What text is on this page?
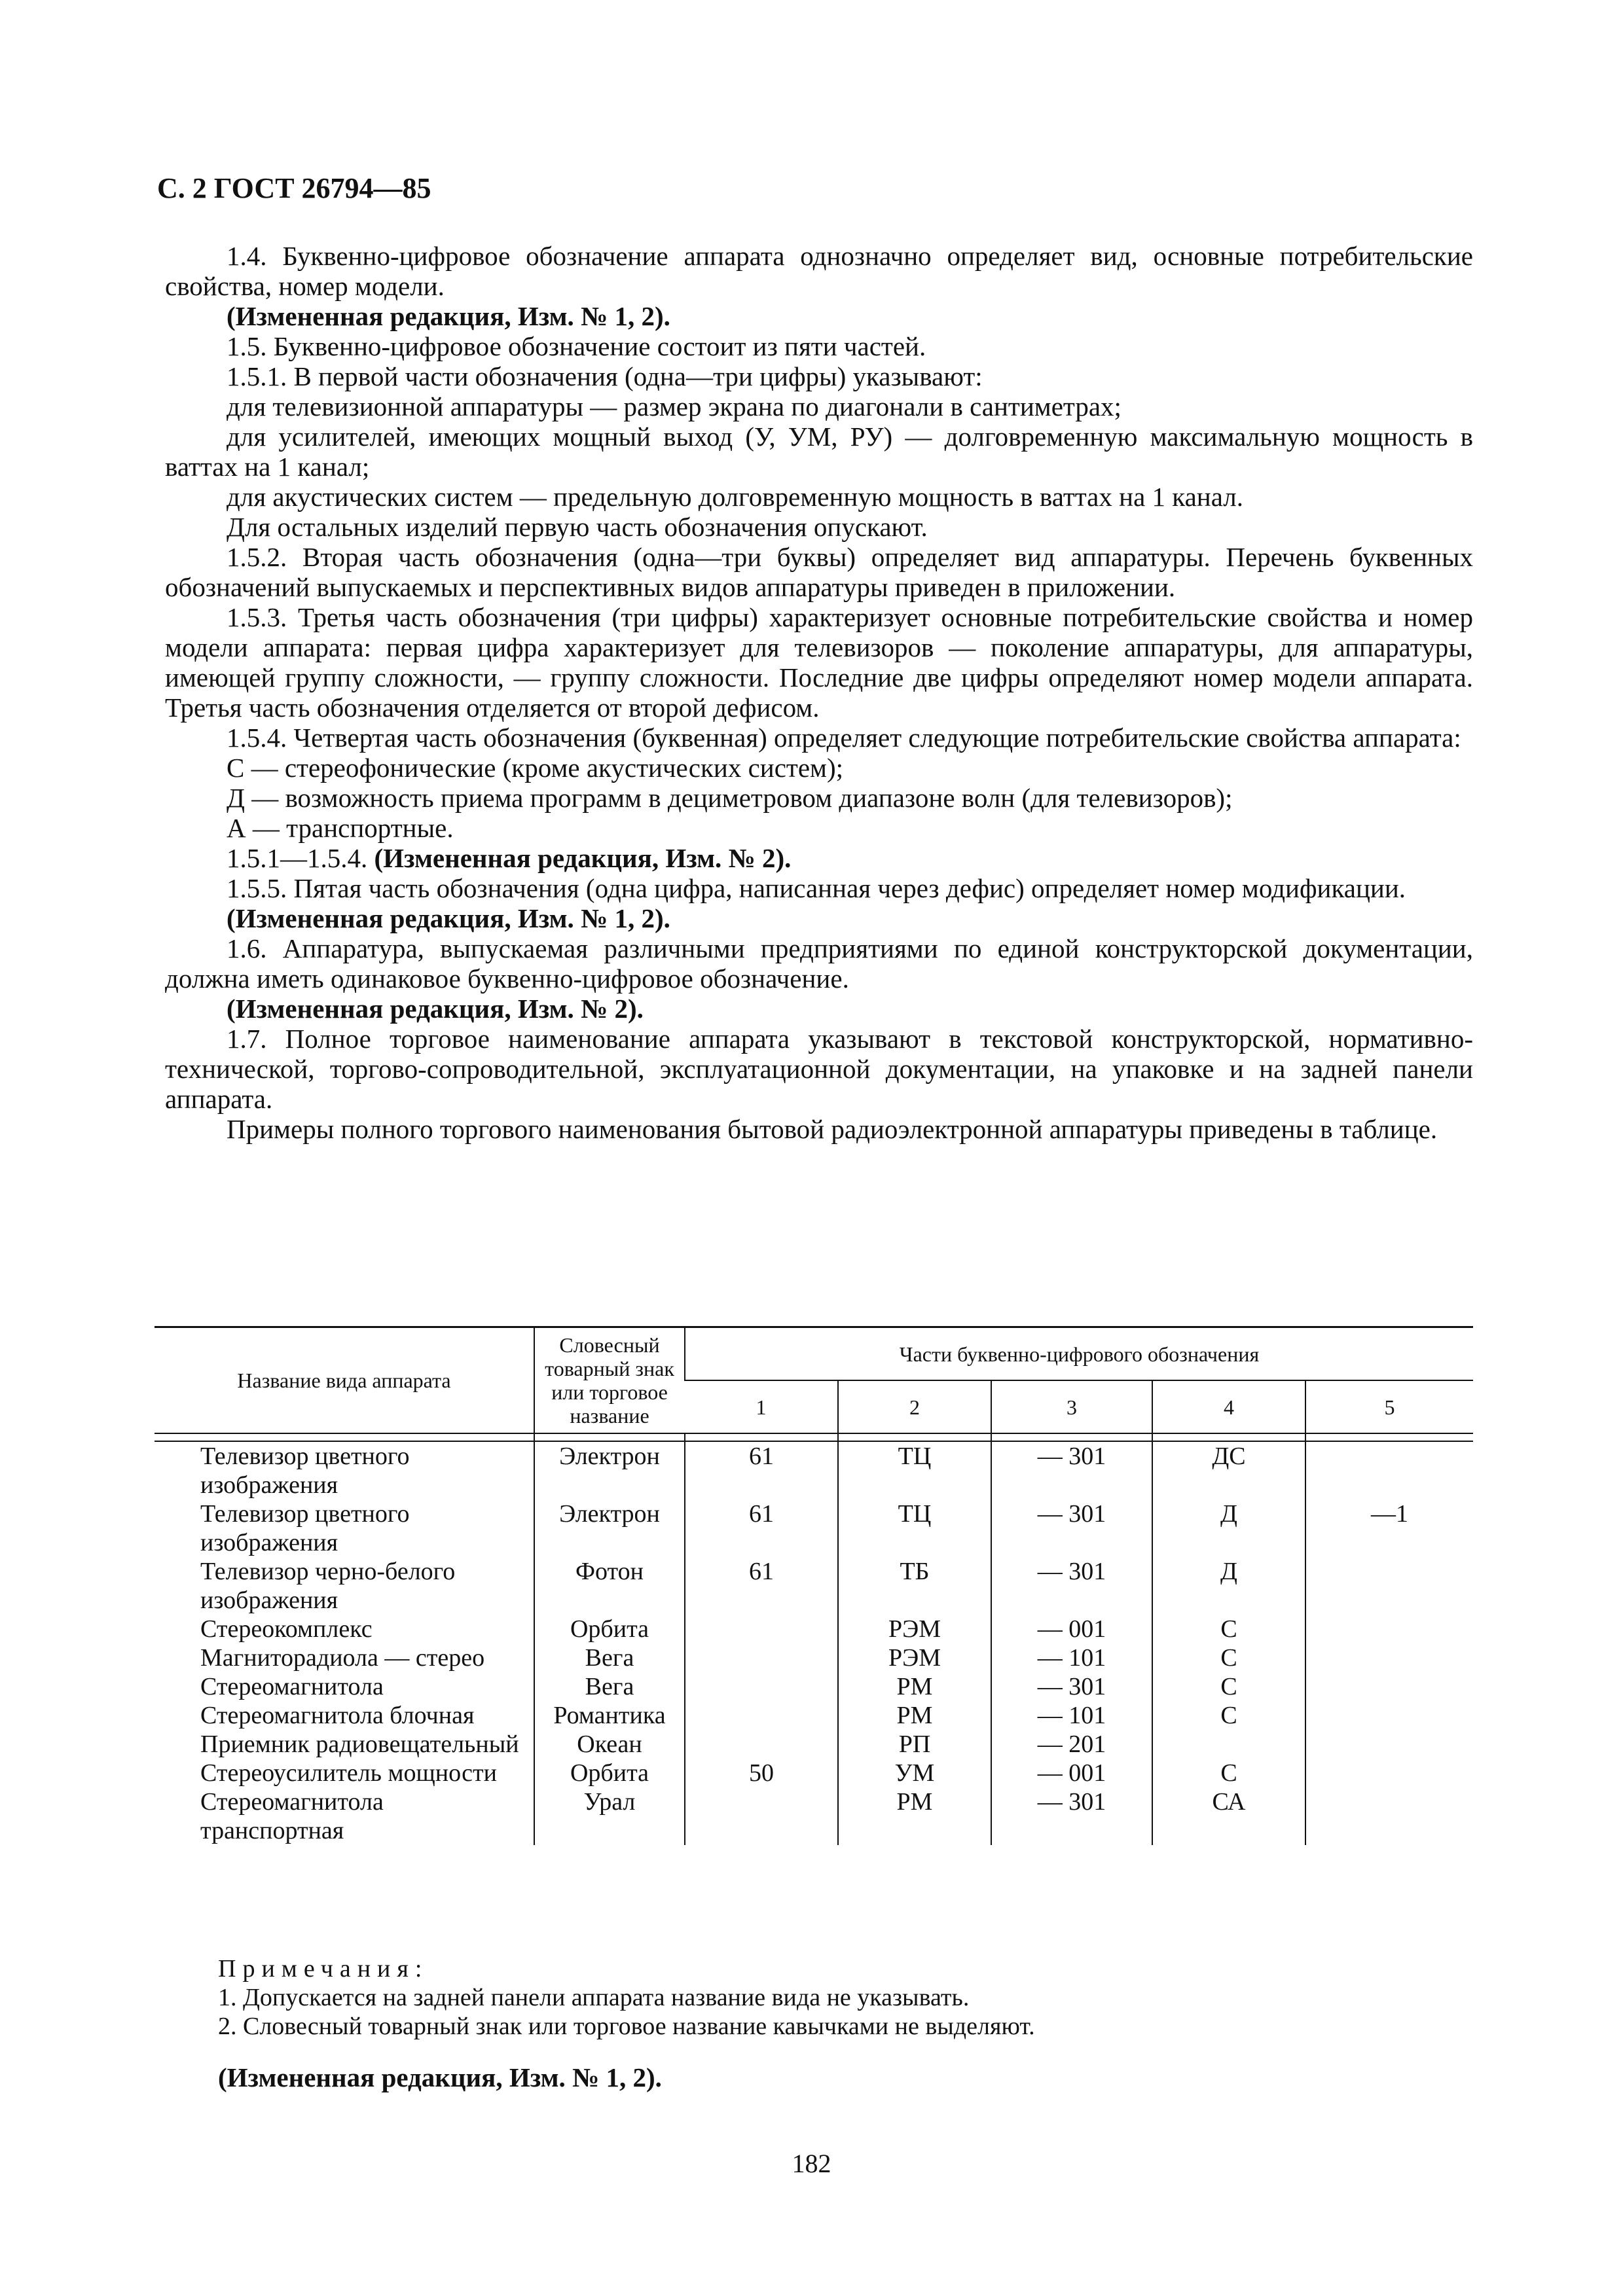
С. 2 ГОСТ 26794—85

1.4. Буквенно-цифровое обозначение аппарата однозначно определяет вид, основные потребительские свойства, номер модели.

(Измененная редакция, Изм. № 1, 2).

1.5. Буквенно-цифровое обозначение состоит из пяти частей.

1.5.1. В первой части обозначения (одна—три цифры) указывают:

для телевизионной аппаратуры — размер экрана по диагонали в сантиметрах;

для усилителей, имеющих мощный выход (У, УМ, РУ) — долговременную максимальную мощность в ваттах на 1 канал;

для акустических систем — предельную долговременную мощность в ваттах на 1 канал.

Для остальных изделий первую часть обозначения опускают.

1.5.2. Вторая часть обозначения (одна—три буквы) определяет вид аппаратуры. Перечень буквенных обозначений выпускаемых и перспективных видов аппаратуры приведен в приложении.

1.5.3. Третья часть обозначения (три цифры) характеризует основные потребительские свойства и номер модели аппарата: первая цифра характеризует для телевизоров — поколение аппаратуры, для аппаратуры, имеющей группу сложности, — группу сложности. Последние две цифры определяют номер модели аппарата. Третья часть обозначения отделяется от второй дефисом.

1.5.4. Четвертая часть обозначения (буквенная) определяет следующие потребительские свойства аппарата:

С — стереофонические (кроме акустических систем);

Д — возможность приема программ в дециметровом диапазоне волн (для телевизоров);

А — транспортные.

1.5.1—1.5.4. (Измененная редакция, Изм. № 2).

1.5.5. Пятая часть обозначения (одна цифра, написанная через дефис) определяет номер модификации.

(Измененная редакция, Изм. № 1, 2).

1.6. Аппаратура, выпускаемая различными предприятиями по единой конструкторской документации, должна иметь одинаковое буквенно-цифровое обозначение.

(Измененная редакция, Изм. № 2).

1.7. Полное торговое наименование аппарата указывают в текстовой конструкторской, нормативно-технической, торгово-сопроводительной, эксплуатационной документации, на упаковке и на задней панели аппарата.

Примеры полного торгового наименования бытовой радиоэлектронной аппаратуры приведены в таблице.

Название вида аппарата	Словесный товарный знак или торговое название	Части буквенно-цифрового обозначения				
		1	2	3	4	5

Телевизор цветного изображения	Электрон	61	ТЦ	— 301	ДС	

Телевизор цветного изображения	Электрон	61	ТЦ	— 301	Д	—1

Телевизор черно-белого изображения	Фотон	61	ТБ	— 301	Д	

Стереокомплекс	Орбита		РЭМ	— 001	С	

Магниторадиола — стерео	Вега		РЭМ	— 101	С	

Стереомагнитола	Вега		РМ	— 301	С	

Стереомагнитола блочная	Романтика		РМ	— 101	С	

Приемник радиовещательный	Океан		РП	— 201		

Стереоусилитель мощности	Орбита	50	УМ	— 001	С	

Стереомагнитола транспортная	Урал		РМ	— 301	СА	
Примечания:
1. Допускается на задней панели аппарата название вида не указывать.
2. Словесный товарный знак или торговое название кавычками не выделяют.
(Измененная редакция, Изм. № 1, 2).
182
